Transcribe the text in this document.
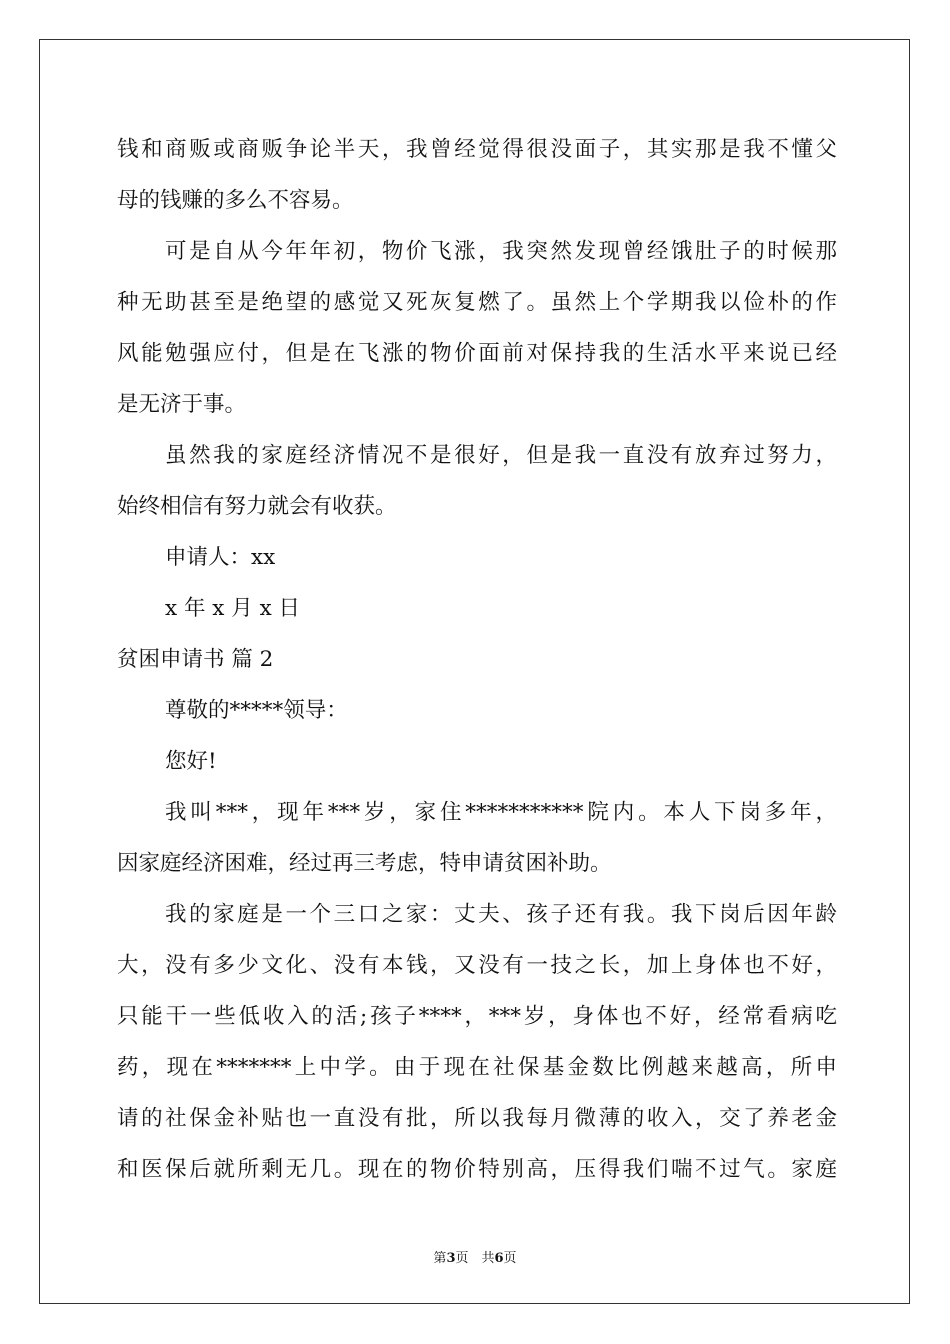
钱和商贩或商贩争论半天，我曾经觉得很没面子，其实那是我不懂父
母的钱赚的多么不容易。
可是自从今年年初，物价飞涨，我突然发现曾经饿肚子的时候那
种无助甚至是绝望的感觉又死灰复燃了。虽然上个学期我以俭朴的作
风能勉强应付，但是在飞涨的物价面前对保持我的生活水平来说已经
是无济于事。
虽然我的家庭经济情况不是很好，但是我一直没有放弃过努力，
始终相信有努力就会有收获。
申请人：xx
x 年 x 月 x 日
贫困申请书 篇 2
尊敬的*****领导：
您好!
我叫***，现年***岁，家住***********院内。本人下岗多年，
因家庭经济困难，经过再三考虑，特申请贫困补助。
我的家庭是一个三口之家：丈夫、孩子还有我。我下岗后因年龄
大，没有多少文化、没有本钱，又没有一技之长，加上身体也不好，
只能干一些低收入的活;孩子****，***岁，身体也不好，经常看病吃
药，现在*******上中学。由于现在社保基金数比例越来越高，所申
请的社保金补贴也一直没有批，所以我每月微薄的收入，交了养老金
和医保后就所剩无几。现在的物价特别高，压得我们喘不过气。家庭
第3页　共6页
